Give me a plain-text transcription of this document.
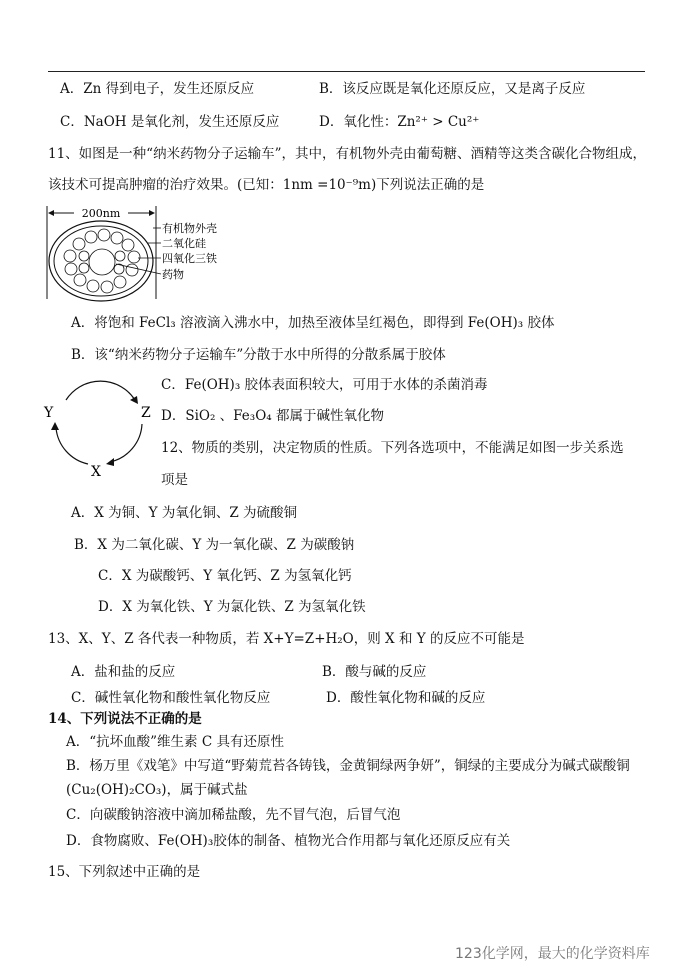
A．Zn 得到电子，发生还原反应	B．该反应既是氧化还原反应，又是离子反应
C．NaOH 是氧化剂，发生还原反应	D．氧化性：Zn²⁺ > Cu²⁺
11、如图是一种“纳米药物分子运输车”，其中，有机物外壳由葡萄糖、酒精等这类含碳化合物组成，
该技术可提高肿瘤的治疗效果。(已知：1nm =10⁻⁹m)下列说法正确的是
200nm
有机物外壳
二氧化硅
四氧化三铁
药物
A．将饱和 FeCl₃ 溶液滴入沸水中，加热至液体呈红褐色，即得到 Fe(OH)₃ 胶体
B．该“纳米药物分子运输车”分散于水中所得的分散系属于胶体
Y	Z
X
C．Fe(OH)₃ 胶体表面积较大，可用于水体的杀菌消毒
D．SiO₂ 、Fe₃O₄ 都属于碱性氧化物
12、物质的类别，决定物质的性质。下列各选项中，不能满足如图一步关系选
项是
A．X 为铜、Y 为氧化铜、Z 为硫酸铜
B．X 为二氧化碳、Y 为一氧化碳、Z 为碳酸钠
C．X 为碳酸钙、Y 氧化钙、Z 为氢氧化钙
D．X 为氧化铁、Y 为氯化铁、Z 为氢氧化铁
13、X、Y、Z 各代表一种物质，若 X+Y=Z+H₂O，则 X 和 Y 的反应不可能是
A．盐和盐的反应	B．酸与碱的反应
C．碱性氧化物和酸性氧化物反应	D．酸性氧化物和碱的反应
14、下列说法不正确的是
A．“抗坏血酸”维生素 C 具有还原性
B．杨万里《戏笔》中写道“野菊荒苔各铸钱，金黄铜绿两争妍”，铜绿的主要成分为碱式碳酸铜
(Cu₂(OH)₂CO₃)，属于碱式盐
C．向碳酸钠溶液中滴加稀盐酸，先不冒气泡，后冒气泡
D．食物腐败、Fe(OH)₃胶体的制备、植物光合作用都与氧化还原反应有关
15、下列叙述中正确的是
123化学网，最大的化学资料库
